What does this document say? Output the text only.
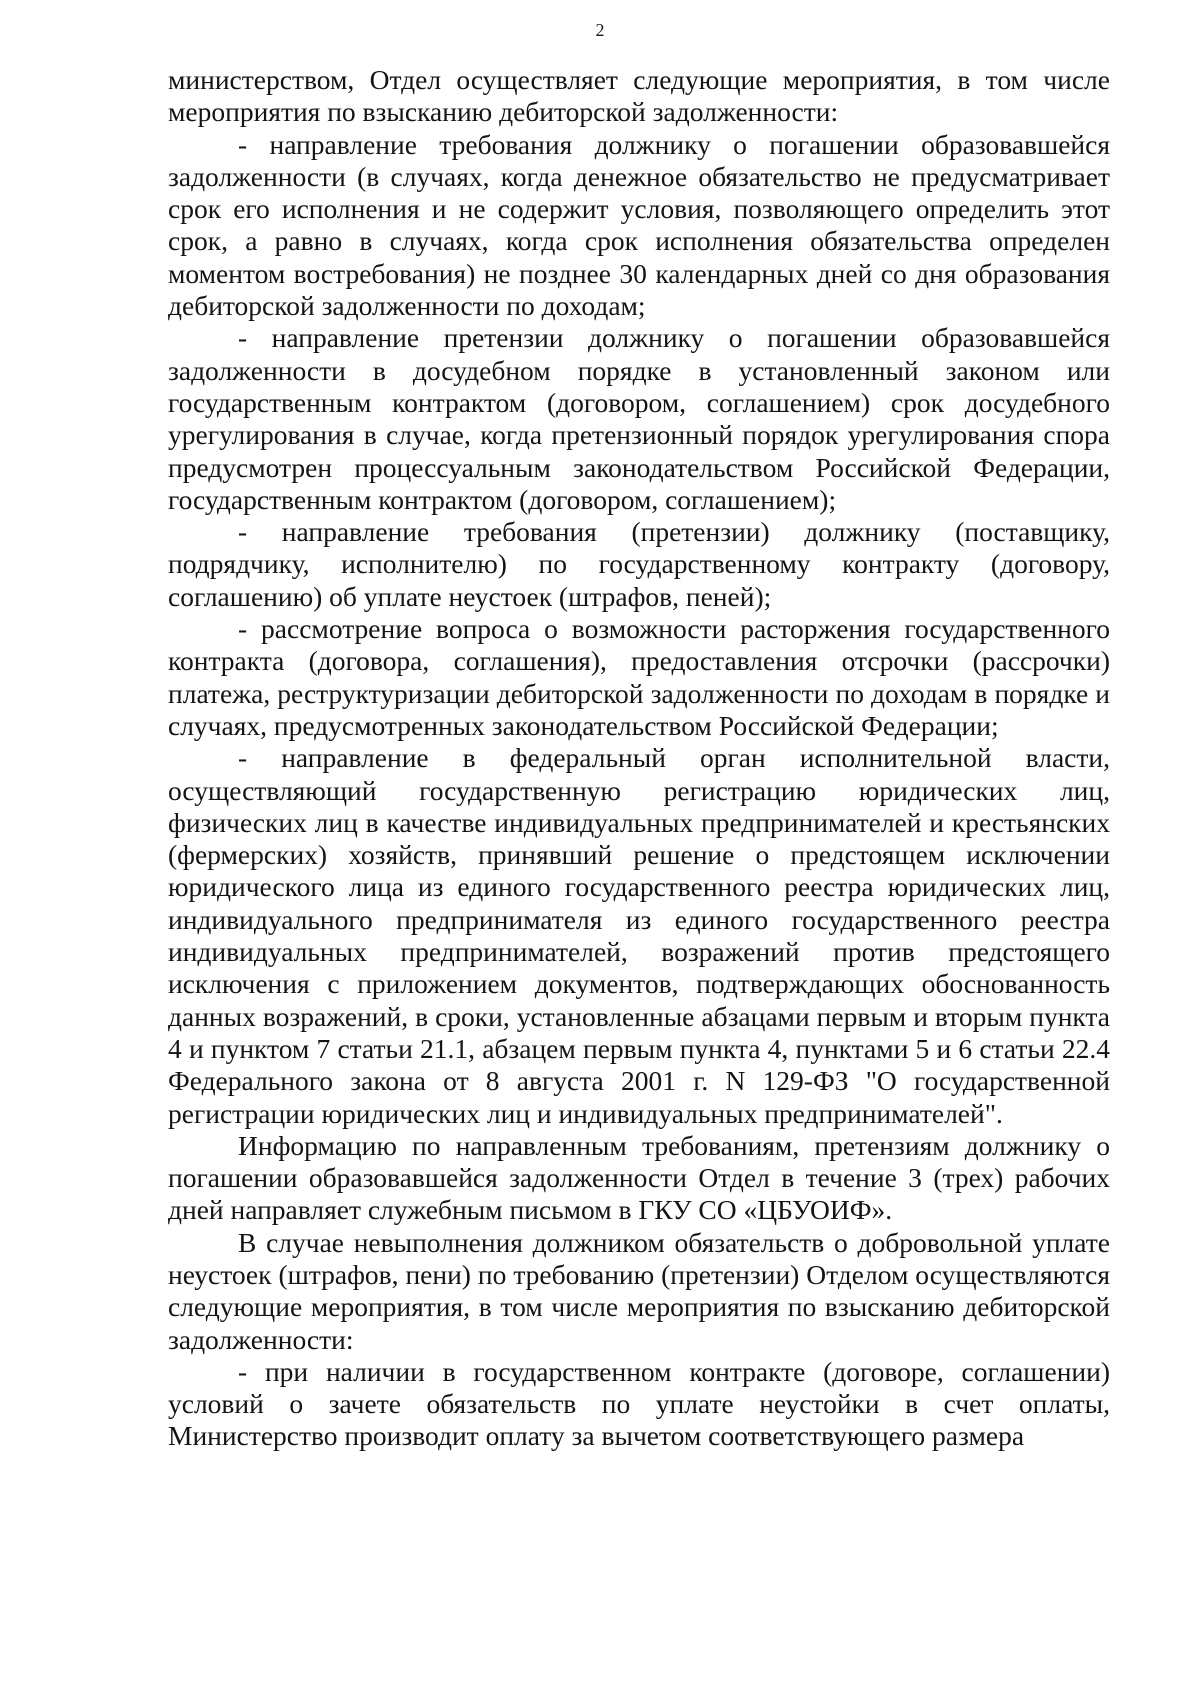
2

министерством, Отдел осуществляет следующие мероприятия, в том числе мероприятия по взысканию дебиторской задолженности:

- направление требования должнику о погашении образовавшейся задолженности (в случаях, когда денежное обязательство не предусматривает срок его исполнения и не содержит условия, позволяющего определить этот срок, а равно в случаях, когда срок исполнения обязательства определен моментом востребования) не позднее 30 календарных дней со дня образования дебиторской задолженности по доходам;

- направление претензии должнику о погашении образовавшейся задолженности в досудебном порядке в установленный законом или государственным контрактом (договором, соглашением) срок досудебного урегулирования в случае, когда претензионный порядок урегулирования спора предусмотрен процессуальным законодательством Российской Федерации, государственным контрактом (договором, соглашением);

- направление требования (претензии) должнику (поставщику, подрядчику, исполнителю) по государственному контракту (договору, соглашению) об уплате неустоек (штрафов, пеней);

- рассмотрение вопроса о возможности расторжения государственного контракта (договора, соглашения), предоставления отсрочки (рассрочки) платежа, реструктуризации дебиторской задолженности по доходам в порядке и случаях, предусмотренных законодательством Российской Федерации;

- направление в федеральный орган исполнительной власти, осуществляющий государственную регистрацию юридических лиц, физических лиц в качестве индивидуальных предпринимателей и крестьянских (фермерских) хозяйств, принявший решение о предстоящем исключении юридического лица из единого государственного реестра юридических лиц, индивидуального предпринимателя из единого государственного реестра индивидуальных предпринимателей, возражений против предстоящего исключения с приложением документов, подтверждающих обоснованность данных возражений, в сроки, установленные абзацами первым и вторым пункта 4 и пунктом 7 статьи 21.1, абзацем первым пункта 4, пунктами 5 и 6 статьи 22.4 Федерального закона от 8 августа 2001 г. N 129-ФЗ "О государственной регистрации юридических лиц и индивидуальных предпринимателей".

Информацию по направленным требованиям, претензиям должнику о погашении образовавшейся задолженности Отдел в течение 3 (трех) рабочих дней направляет служебным письмом в ГКУ СО «ЦБУОИФ».

В случае невыполнения должником обязательств о добровольной уплате неустоек (штрафов, пени) по требованию (претензии) Отделом осуществляются следующие мероприятия, в том числе мероприятия по взысканию дебиторской задолженности:

- при наличии в государственном контракте (договоре, соглашении) условий о зачете обязательств по уплате неустойки в счет оплаты, Министерство производит оплату за вычетом соответствующего размера
